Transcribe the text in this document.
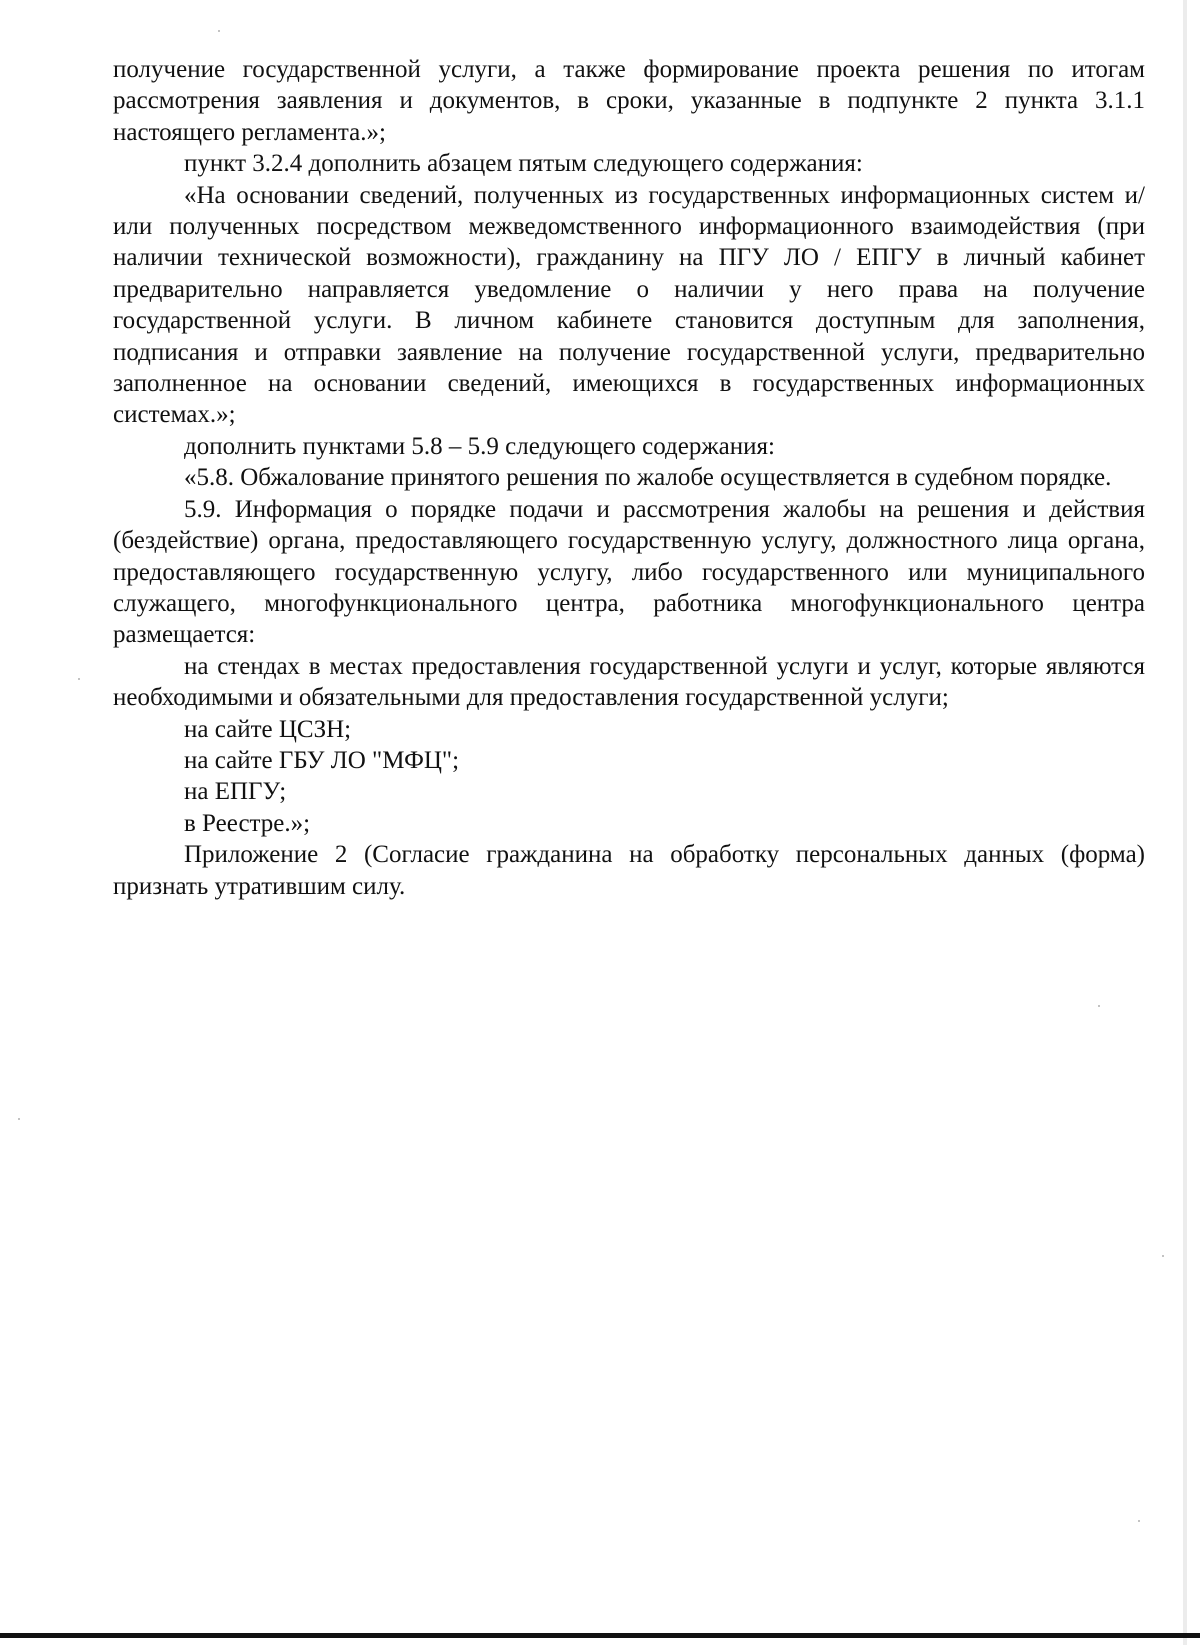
получение государственной услуги, а также формирование проекта решения по итогам рассмотрения заявления и документов, в сроки, указанные в подпункте 2 пункта 3.1.1 настоящего регламента.»;

пункт 3.2.4 дополнить абзацем пятым следующего содержания:

«На основании сведений, полученных из государственных информационных систем и/или полученных посредством межведомственного информационного взаимодействия (при наличии технической возможности), гражданину на ПГУ ЛО / ЕПГУ в личный кабинет предварительно направляется уведомление о наличии у него права на получение государственной услуги. В личном кабинете становится доступным для заполнения, подписания и отправки заявление на получение государственной услуги, предварительно заполненное на основании сведений, имеющихся в государственных информационных системах.»;

дополнить пунктами 5.8 – 5.9 следующего содержания:

«5.8. Обжалование принятого решения по жалобе осуществляется в судебном порядке.

5.9. Информация о порядке подачи и рассмотрения жалобы на решения и действия (бездействие) органа, предоставляющего государственную услугу, должностного лица органа, предоставляющего государственную услугу, либо государственного или муниципального служащего, многофункционального центра, работника многофункционального центра размещается:

на стендах в местах предоставления государственной услуги и услуг, которые являются необходимыми и обязательными для предоставления государственной услуги;

на сайте ЦСЗН;

на сайте ГБУ ЛО "МФЦ";

на ЕПГУ;

в Реестре.»;

Приложение 2 (Согласие гражданина на обработку персональных данных (форма) признать утратившим силу.
